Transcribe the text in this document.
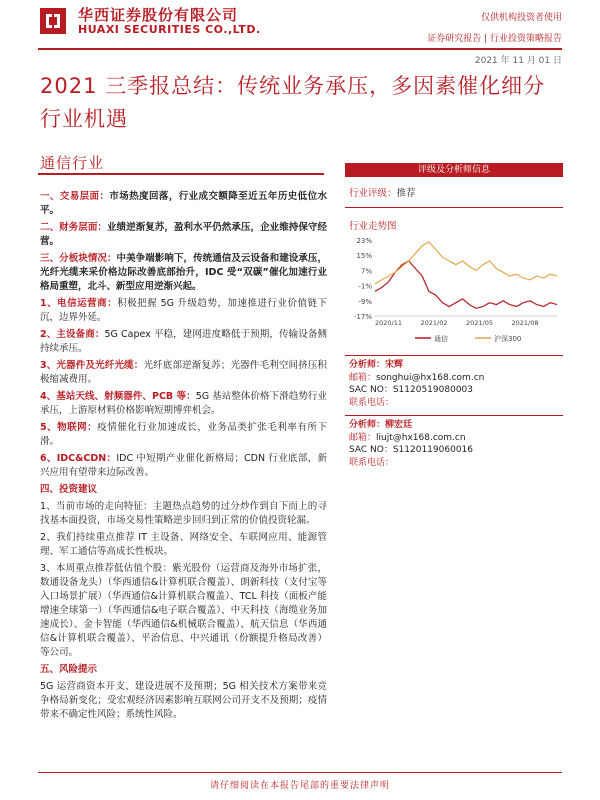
华西证券股份有限公司
HUAXI SECURITIES CO.,LTD.
仅供机构投资者使用
证券研究报告 | 行业投资策略报告
2021 年 11 月 01 日
2021 三季报总结：传统业务承压，多因素催化细分行业机遇
通信行业

一、交易层面：市场热度回落，行业成交额降至近五年历史低位水平。

二、财务层面：业绩逆渐复苏，盈利水平仍然承压，企业维持保守经营。

三、分板块情况：中美争端影响下，传统通信及云设备和建设承压，光纤光缆来采价格边际改善底部抬升，IDC 受“双碳”催化加速行业格局重塑，北斗、新型应用逆渐兴起。

1、电信运营商：积极把握 5G 升级趋势，加速推进行业价值链下沉，边界外延。

2、主设备商：5G Capex 平稳，建网进度略低于预期，传输设备侧持续承压。

3、光器件及光纤光缆：光纤底部逆渐复苏；光器件毛利空间挤压积极缩减费用。

4、基站天线、射频器件、PCB 等：5G 基站整体价格下滑趋势行业承压，上游原材料价格影响短期博弈机会。

5、物联网：疫情催化行业加速成长，业务品类扩张毛利率有所下滑。

6、IDC&CDN：IDC 中短期产业催化新格局；CDN 行业底部，新兴应用有望带来边际改善。

四、投资建议

1、当前市场的走向特征：主题热点趋势的过分炒作到自下而上的寻找基本面投资，市场交易性策略逆步回归到正常的价值投资轮漏。

2、我们持续重点推荐 IT 主设备、网络安全、车联网应用、能源管理、军工通信等高成长性板块。

3、本周重点推荐低估值个股：紫光股份（运营商及海外市场扩张，数通设备龙头）（华西通信&计算机联合覆盖）、朗新科技（支付宝等入口场景扩展）（华西通信&计算机联合覆盖）、TCL 科技（面板产能增速全球第一）（华西通信&电子联合覆盖）、中天科技（海缆业务加速成长）、金卡智能（华西通信&机械联合覆盖）、航天信息（华西通信&计算机联合覆盖）、平治信息、中兴通讯（份额提升格局改善）等公司。

五、风险提示

5G 运营商资本开支、建设进展不及预期；5G 相关技术方案带来竞争格局新变化；受宏观经济因素影响互联网公司开支不及预期；疫情带来不确定性风险；系统性风险。

评级及分析师信息
行业评级：推荐
行业走势图
23%
15%
7%
-1%
-9%
-17%
2020/11	2021/02	2021/05	2021/08
通信	沪深300
分析师：宋辉
邮箱：songhui@hx168.com.cn
SAC NO：S1120519080003
联系电话：
分析师：柳宏廷
邮箱：liujt@hx168.com.cn
SAC NO：S1120119060016
联系电话：
请仔细阅读在本报告尾部的重要法律声明
